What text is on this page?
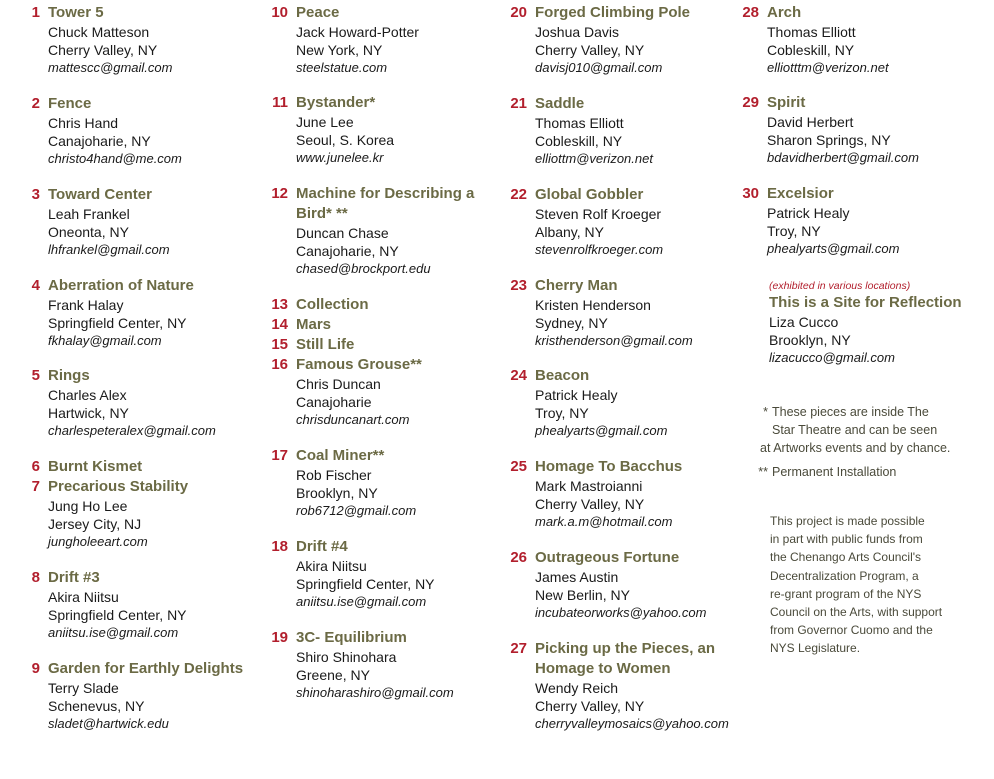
1 Tower 5
Chuck Matteson
Cherry Valley, NY
mattescc@gmail.com
2 Fence
Chris Hand
Canajoharie, NY
christo4hand@me.com
3 Toward Center
Leah Frankel
Oneonta, NY
lhfrankel@gmail.com
4 Aberration of Nature
Frank Halay
Springfield Center, NY
fkhalay@gmail.com
5 Rings
Charles Alex
Hartwick, NY
charlespeteralex@gmail.com
6 Burnt Kismet
7 Precarious Stability
Jung Ho Lee
Jersey City, NJ
jungholeeart.com
8 Drift #3
Akira Niitsu
Springfield Center, NY
aniitsu.ise@gmail.com
9 Garden for Earthly Delights
Terry Slade
Schenevus, NY
sladet@hartwick.edu
10 Peace
Jack Howard-Potter
New York, NY
steelstatue.com
11 Bystander*
June Lee
Seoul, S. Korea
www.junelee.kr
12 Machine for Describing a Bird* **
Duncan Chase
Canajoharie, NY
chased@brockport.edu
13 Collection
14 Mars
15 Still Life
16 Famous Grouse**
Chris Duncan
Canajoharie
chrisduncanart.com
17 Coal Miner**
Rob Fischer
Brooklyn, NY
rob6712@gmail.com
18 Drift #4
Akira Niitsu
Springfield Center, NY
aniitsu.ise@gmail.com
19 3C- Equilibrium
Shiro Shinohara
Greene, NY
shinoharashiro@gmail.com
20 Forged Climbing Pole
Joshua Davis
Cherry Valley, NY
davisj010@gmail.com
21 Saddle
Thomas Elliott
Cobleskill, NY
elliottm@verizon.net
22 Global Gobbler
Steven Rolf Kroeger
Albany, NY
stevenrolfkroeger.com
23 Cherry Man
Kristen Henderson
Sydney, NY
kristhenderson@gmail.com
24 Beacon
Patrick Healy
Troy, NY
phealyarts@gmail.com
25 Homage To Bacchus
Mark Mastroianni
Cherry Valley, NY
mark.a.m@hotmail.com
26 Outrageous Fortune
James Austin
New Berlin, NY
incubateorworks@yahoo.com
27 Picking up the Pieces, an Homage to Women
Wendy Reich
Cherry Valley, NY
cherryvalleymosaics@yahoo.com
28 Arch
Thomas Elliott
Cobleskill, NY
elliotttm@verizon.net
29 Spirit
David Herbert
Sharon Springs, NY
bdavidherbert@gmail.com
30 Excelsior
Patrick Healy
Troy, NY
phealyarts@gmail.com
(exhibited in various locations)
This is a Site for Reflection
Liza Cucco
Brooklyn, NY
lizacucco@gmail.com
* These pieces are inside The
Star Theatre and can be seen
at Artworks events and by chance.
** Permanent Installation
This project is made possible
in part with public funds from
the Chenango Arts Council's
Decentralization Program, a
re-grant program of the NYS
Council on the Arts, with support
from Governor Cuomo and the
NYS Legislature.
